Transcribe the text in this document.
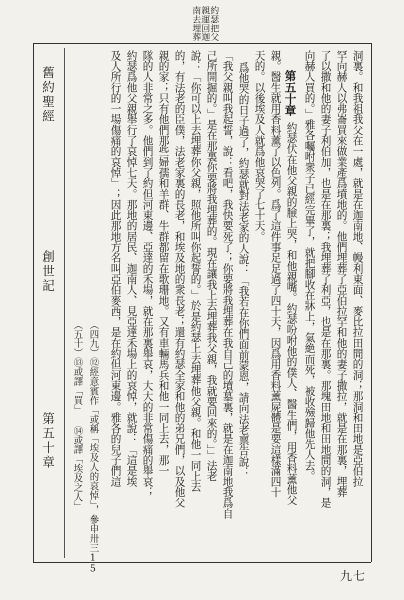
約瑟把父
親運回迦
南去埋葬
舊約聖經
創世記
第五十章
九七
洞裏。和我祖我父在一處，就是在迦南地、幔利東面、麥比拉田間的洞；那洞和田地是亞伯拉
罕向赫人以弗崙買來做業產爲墳地的。他們埋葬了亞伯拉罕和他的妻子撒拉，就是在那裏，埋葬
了以撒和他的妻子利伯加，也是在那裏；我埋葬了利亞，也是在那裏。那塊田地和田地間的洞，是
向赫人買的。」雅各囑咐衆子已經完畢了，就把腳收在牀上，氣絶而死，被收殮歸他先人去。
第五十章
約瑟伏在他父親的臉上哭，和他親嘴。約瑟吩咐他的僕人、醫生們，用香料薰他父
親。醫生就用香料薰了以色列。爲了這件事足足過了四十天，因爲用香料薰屍體是要這樣滿四十
天的。以後埃及人就爲他哀哭了七十天。
爲他哭的日子過了，約瑟就對法老家的人說：「我若在你們面前蒙恩，請向法老禀告說：
「我父親叫我起誓，說：看吧，我快要死了；你要將我埋葬在我自己的墳墓裏，就是在迦南地我爲自
己所開掘的。」是在那裏你要將我埋葬的。現在讓我上去埋葬我父親，我就要回來的。」」法老
說：「你可以上去埋葬你父親，照他所叫你起誓的。」於是約瑟上去埋葬他父親。和他一同上去
的，有法老的臣僕，法老家裏的長老，和埃及地的衆長老；還有約瑟全家和他的弟兄們，以及他父
親的家；只有他們那些婦孺和羊群、牛群都留在歌珊地。又有車輛馬兵和他一同上去，那一
隊的人非常之多。他們到了約但河東邊、亞達的禾場，就在那裏舉哀，大大的非常傷痛的舉哀；
約瑟爲他父親舉行了哀悼七天。那地的居民、迦南人、見亞達禾場上的哀悼，就說：「這是埃
及人所行的一場傷痛的哀悼」；因此那地方名叫亞伯麥西，是在約但河東邊。雅各的兒子們這
（四九）⑫經意賓作「或稱「埃及人的哀悼」，參申卅三15
（五十）⑬或譯「買」 ⑭或譯「埃及之人」
